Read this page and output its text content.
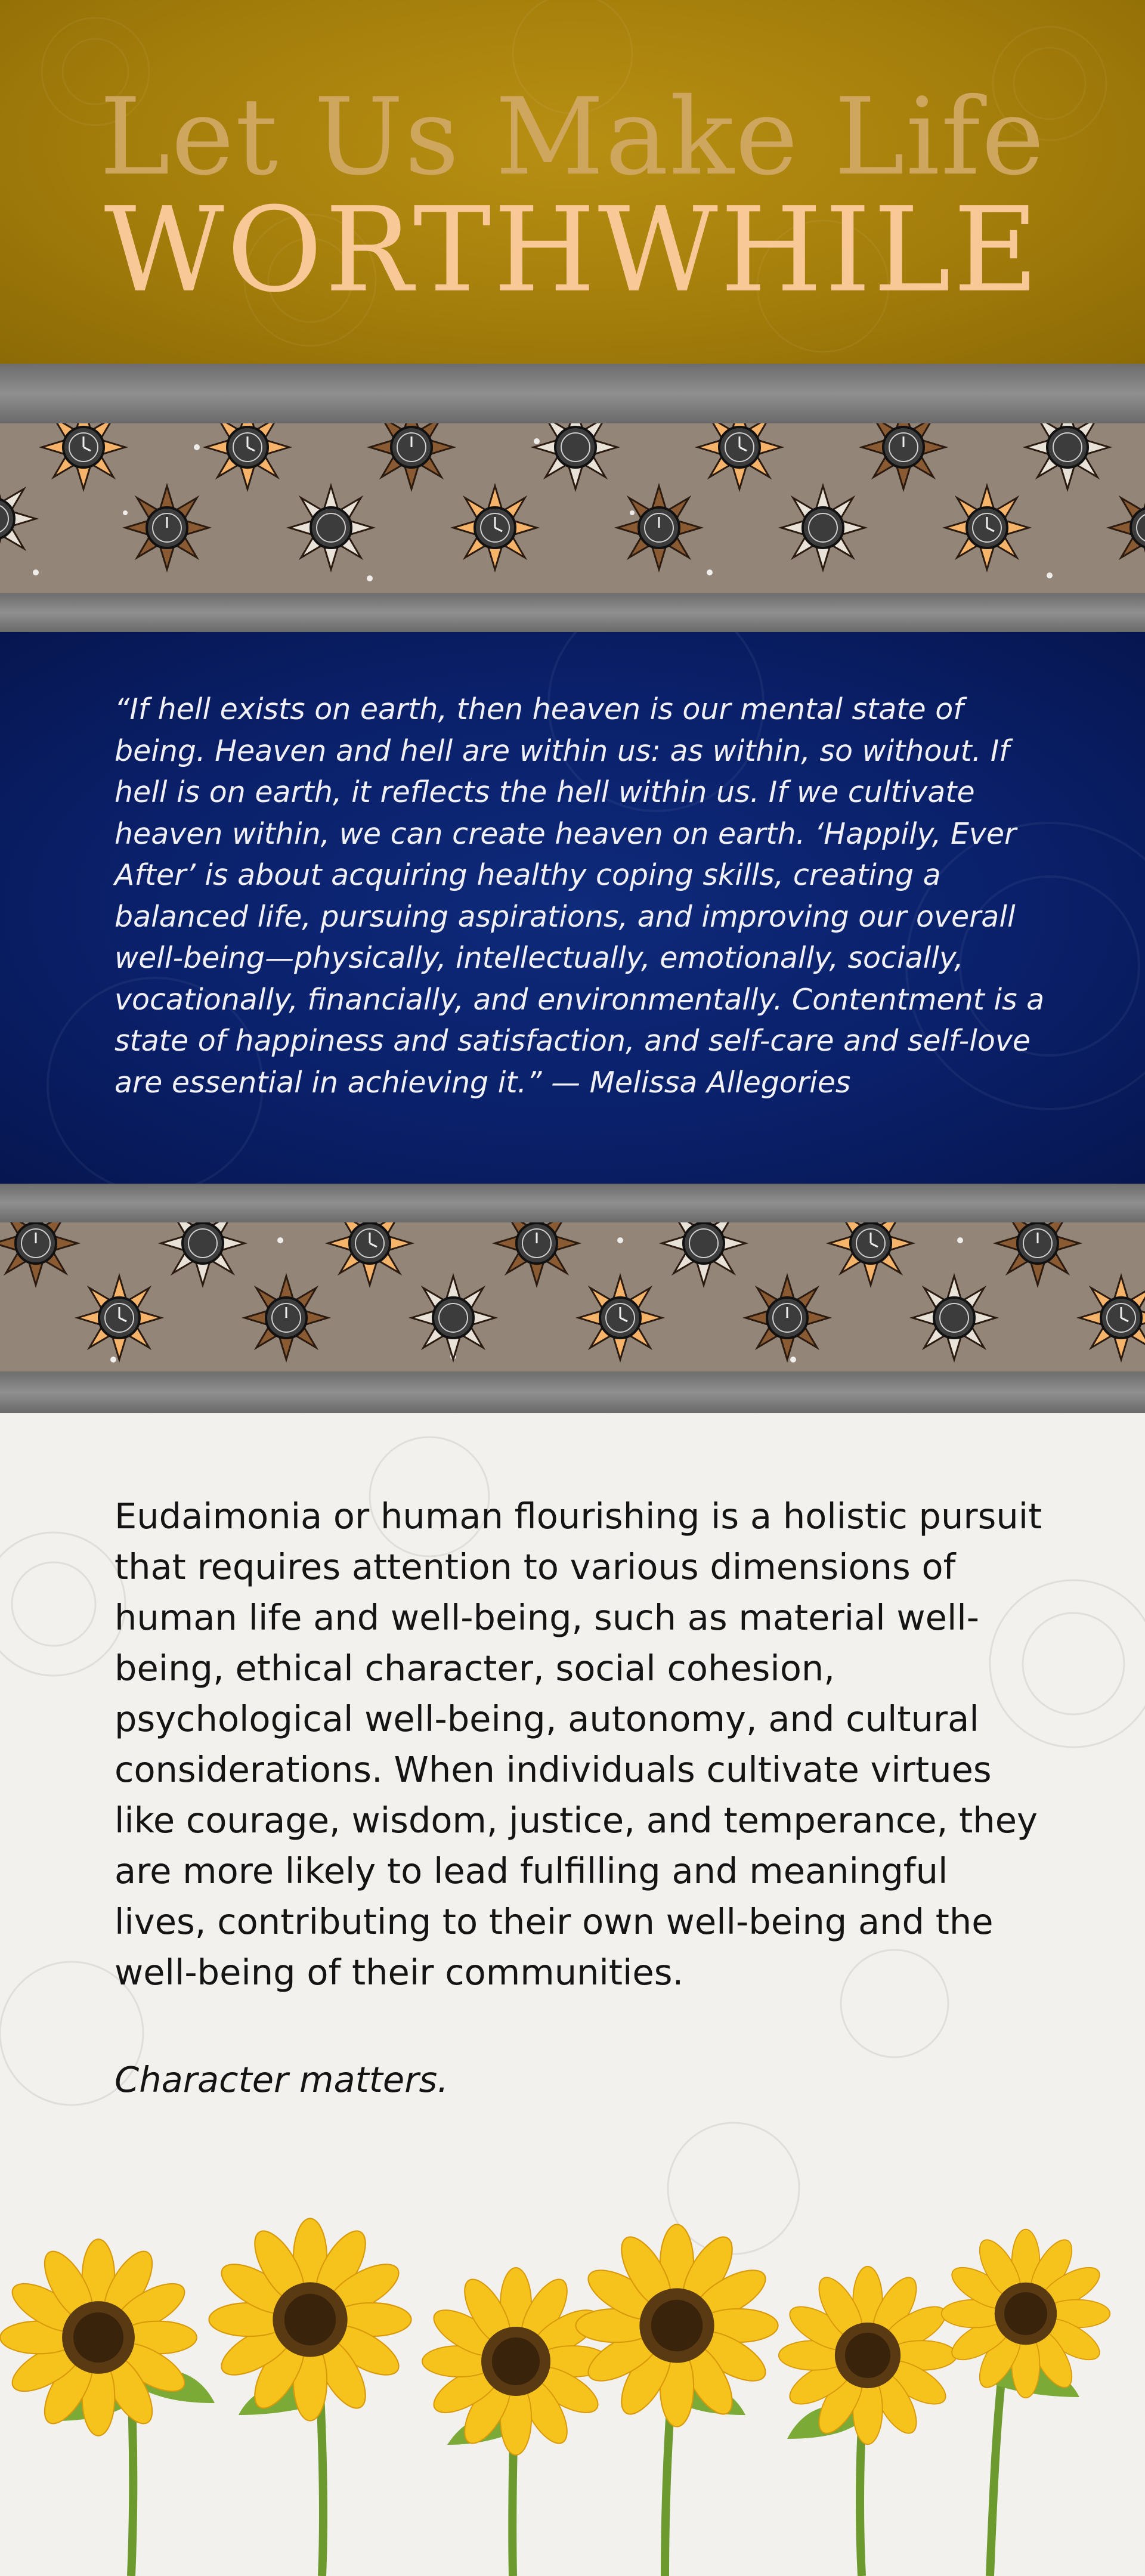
Let Us Make Life
WORTHWHILE
“If hell exists on earth, then heaven is our mental state of being. Heaven and hell are within us: as within, so without. If hell is on earth, it reflects the hell within us. If we cultivate heaven within, we can create heaven on earth. ‘Happily, Ever After’ is about acquiring healthy coping skills, creating a balanced life, pursuing aspirations, and improving our overall well-being—physically, intellectually, emotionally, socially, vocationally, financially, and environmentally. Contentment is a state of happiness and satisfaction, and self-care and self-love are essential in achieving it.” — Melissa Allegories
Eudaimonia or human flourishing is a holistic pursuit that requires attention to various dimensions of human life and well-being, such as material well-being, ethical character, social cohesion, psychological well-being, autonomy, and cultural considerations. When individuals cultivate virtues like courage, wisdom, justice, and temperance, they are more likely to lead fulfilling and meaningful lives, contributing to their own well-being and the well-being of their communities.
Character matters.
